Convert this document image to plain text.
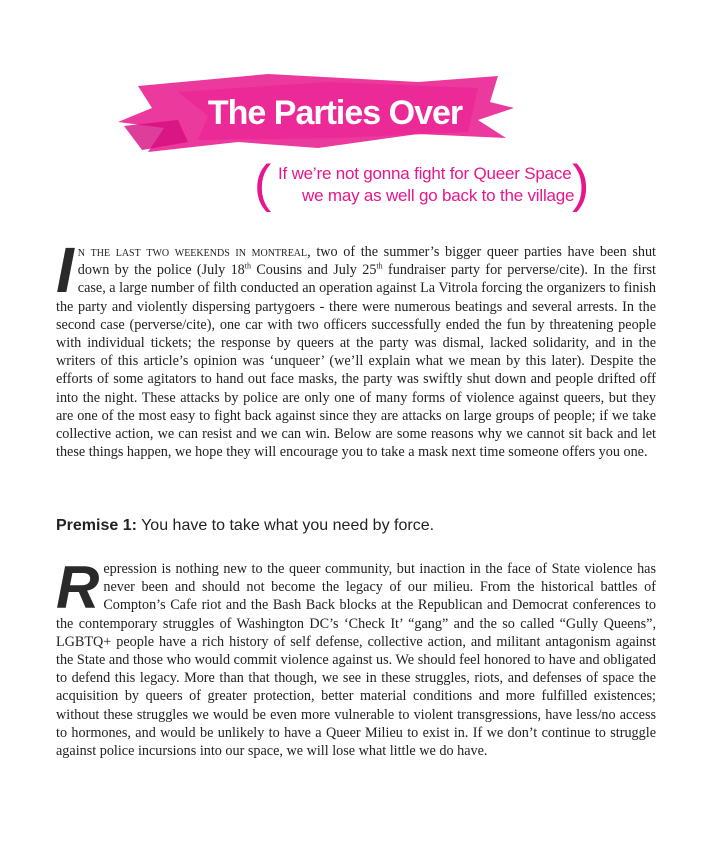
The Parties Over
( If we’re not gonna fight for Queer Space
we may as well go back to the village
)
In the last two weekends in montreal, two of the summer’s bigger queer parties have been shut down by the police (July 18th Cousins and July 25th fundraiser party for perverse/cite). In the first case, a large number of filth conducted an operation against La Vitrola forcing the organizers to finish the party and violently dispersing partygoers - there were numerous beatings and several arrests. In the second case (perverse/cite), one car with two officers successfully ended the fun by threatening people with individual tickets; the response by queers at the party was dismal, lacked solidarity, and in the writers of this article’s opinion was ‘unqueer’ (we’ll explain what we mean by this later). Despite the efforts of some agitators to hand out face masks, the party was swiftly shut down and people drifted off into the night. These attacks by police are only one of many forms of violence against queers, but they are one of the most easy to fight back against since they are attacks on large groups of people; if we take collective action, we can resist and we can win. Below are some reasons why we cannot sit back and let these things happen, we hope they will encourage you to take a mask next time someone offers you one.
Premise 1: You have to take what you need by force.
Repression is nothing new to the queer community, but inaction in the face of State violence has never been and should not become the legacy of our milieu. From the historical battles of Compton’s Cafe riot and the Bash Back blocks at the Republican and Democrat conferences to the contemporary struggles of Washington DC’s ‘Check It’ “gang” and the so called “Gully Queens”, LGBTQ+ people have a rich history of self defense, collective action, and militant antagonism against the State and those who would commit violence against us. We should feel honored to have and obligated to defend this legacy. More than that though, we see in these struggles, riots, and defenses of space the acquisition by queers of greater protection, better material conditions and more fulfilled existences; without these struggles we would be even more vulnerable to violent transgressions, have less/no access to hormones, and would be unlikely to have a Queer Milieu to exist in. If we don’t continue to struggle against police incursions into our space, we will lose what little we do have.
